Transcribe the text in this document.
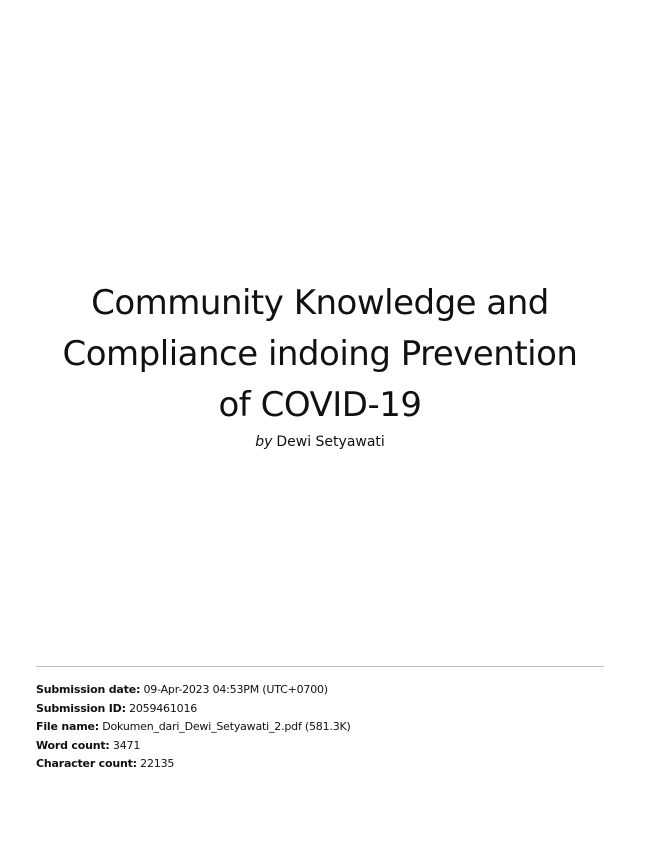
Community Knowledge and
Compliance indoing Prevention
of COVID-19
by Dewi Setyawati
Submission date: 09-Apr-2023 04:53PM (UTC+0700)
Submission ID: 2059461016
File name: Dokumen_dari_Dewi_Setyawati_2.pdf (581.3K)
Word count: 3471
Character count: 22135
